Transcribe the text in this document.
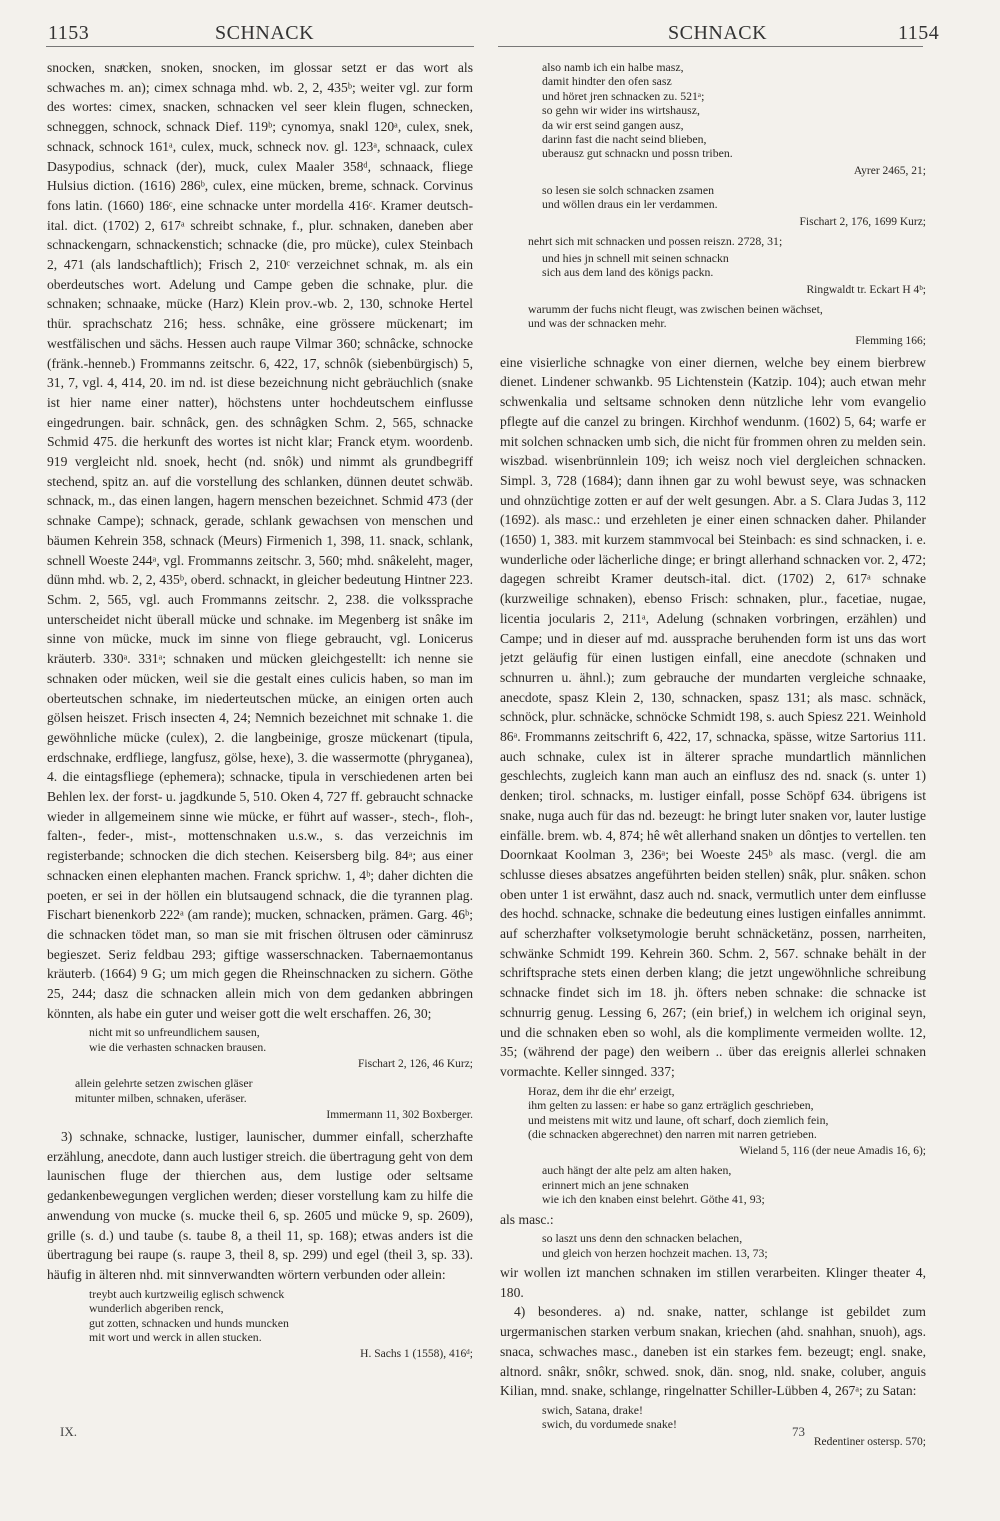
1153	SCHNACK	SCHNACK	1154

snocken, snaͤcken, snoken, snocken, im glossar setzt er das wort als schwaches m. an); cimex schnaga mhd. wb. 2, 2, 435ᵇ; weiter vgl. zur form des wortes: cimex, snacken, schnacken vel seer klein flugen, schnecken, schneggen, schnock, schnack Dief. 119ᵇ; cynomya, snakl 120ᵃ, culex, snek, schnack, schnock 161ᵃ, culex, muck, schneck nov. gl. 123ᵃ, schnaack, culex Dasypodius, schnack (der), muck, culex Maaler 358ᵈ, schnaack, fliege Hulsius diction. (1616) 286ᵇ, culex, eine mücken, breme, schnack. Corvinus fons latin. (1660) 186ᶜ, eine schnacke unter mordella 416ᶜ. Kramer deutsch-ital. dict. (1702) 2, 617ᵃ schreibt schnake, f., plur. schnaken, daneben aber schnackengarn, schnackenstich; schnacke (die, pro mücke), culex Steinbach 2, 471 (als landschaftlich); Frisch 2, 210ᶜ verzeichnet schnak, m. als ein oberdeutsches wort. Adelung und Campe geben die schnake, plur. die schnaken; schnaake, mücke (Harz) Klein prov.-wb. 2, 130, schnoke Hertel thür. sprachschatz 216; hess. schnâke, eine grössere mückenart; im westfälischen und sächs. Hessen auch raupe Vilmar 360; schnâcke, schnocke (fränk.-henneb.) Frommanns zeitschr. 6, 422, 17, schnôk (siebenbürgisch) 5, 31, 7, vgl. 4, 414, 20. im nd. ist diese bezeichnung nicht gebräuchlich (snake ist hier name einer natter), höchstens unter hochdeutschem einflusse eingedrungen. bair. schnâck, gen. des schnâgken Schm. 2, 565, schnacke Schmid 475. die herkunft des wortes ist nicht klar; Franck etym. woordenb. 919 vergleicht nld. snoek, hecht (nd. snôk) und nimmt als grundbegriff stechend, spitz an. auf die vorstellung des schlanken, dünnen deutet schwäb. schnack, m., das einen langen, hagern menschen bezeichnet. Schmid 473 (der schnake Campe); schnack, gerade, schlank gewachsen von menschen und bäumen Kehrein 358, schnack (Meurs) Firmenich 1, 398, 11. snack, schlank, schnell Woeste 244ᵃ, vgl. Frommanns zeitschr. 3, 560; mhd. snâkeleht, mager, dünn mhd. wb. 2, 2, 435ᵇ, oberd. schnackt, in gleicher bedeutung Hintner 223. Schm. 2, 565, vgl. auch Frommanns zeitschr. 2, 238. die volkssprache unterscheidet nicht überall mücke und schnake. im Megenberg ist snâke im sinne von mücke, muck im sinne von fliege gebraucht, vgl. Lonicerus kräuterb. 330ᵃ. 331ᵃ; schnaken und mücken gleichgestellt: ich nenne sie schnaken oder mücken, weil sie die gestalt eines culicis haben, so man im oberteutschen schnake, im niederteutschen mücke, an einigen orten auch gölsen heiszet. Frisch insecten 4, 24; Nemnich bezeichnet mit schnake 1. die gewöhnliche mücke (culex), 2. die langbeinige, grosze mückenart (tipula, erdschnake, erdfliege, langfusz, gölse, hexe), 3. die wassermotte (phryganea), 4. die eintagsfliege (ephemera); schnacke, tipula in verschiedenen arten bei Behlen lex. der forst- u. jagdkunde 5, 510. Oken 4, 727 ff. gebraucht schnacke wieder in allgemeinem sinne wie mücke, er führt auf wasser-, stech-, floh-, falten-, feder-, mist-, mottenschnaken u.s.w., s. das verzeichnis im registerbande; schnocken die dich stechen. Keisersberg bilg. 84ᵃ; aus einer schnacken einen elephanten machen. Franck sprichw. 1, 4ᵇ; daher dichten die poeten, er sei in der höllen ein blutsaugend schnack, die die tyrannen plag. Fischart bienenkorb 222ᵃ (am rande); mucken, schnacken, prämen. Garg. 46ᵇ; die schnacken tödet man, so man sie mit frischen öltrusen oder cäminrusz begieszet. Seriz feldbau 293; giftige wasserschnacken. Tabernaemontanus kräuterb. (1664) 9 G; um mich gegen die Rheinschnacken zu sichern. Göthe 25, 244; dasz die schnacken allein mich von dem gedanken abbringen könnten, als habe ein guter und weiser gott die welt erschaffen. 26, 30;

nicht mit so unfreundlichem sausen,
wie die verhasten schnacken brausen.
Fischart 2, 126, 46 Kurz;
allein gelehrte setzen zwischen gläser
mitunter milben, schnaken, uferäser.
Immermann 11, 302 Boxberger.

3) schnake, schnacke, lustiger, launischer, dummer einfall, scherzhafte erzählung, anecdote, dann auch lustiger streich. die übertragung geht von dem launischen fluge der thierchen aus, dem lustige oder seltsame gedankenbewegungen verglichen werden; dieser vorstellung kam zu hilfe die anwendung von mucke (s. mucke theil 6, sp. 2605 und mücke 9, sp. 2609), grille (s. d.) und taube (s. taube 8, a theil 11, sp. 168); etwas anders ist die übertragung bei raupe (s. raupe 3, theil 8, sp. 299) und egel (theil 3, sp. 33). häufig in älteren nhd. mit sinnverwandten wörtern verbunden oder allein:

treybt auch kurtzweilig eglisch schwenck
wunderlich abgeriben renck,
gut zotten, schnacken und hunds muncken
mit wort und werck in allen stucken.
H. Sachs 1 (1558), 416ᵈ;
also namb ich ein halbe masz,
damit hindter den ofen sasz
und höret jren schnacken zu. 521ᵃ;
so gehn wir wider ins wirtshausz,
da wir erst seind gangen ausz,
darinn fast die nacht seind blieben,
uberausz gut schnackn und possn triben.
Ayrer 2465, 21;
so lesen sie solch schnacken zsamen
und wöllen draus ein ler verdammen.
Fischart 2, 176, 1699 Kurz;
nehrt sich mit schnacken und possen reiszn. 2728, 31;
und hies jn schnell mit seinen schnackn
sich aus dem land des königs packn.
Ringwaldt tr. Eckart H 4ᵇ;
warumm der fuchs nicht fleugt, was zwischen beinen wächset,
und was der schnacken mehr.
Flemming 166;

eine visierliche schnagke von einer diernen, welche bey einem bierbrew dienet. Lindener schwankb. 95 Lichtenstein (Katzip. 104); auch etwan mehr schwenkalia und seltsame schnoken denn nützliche lehr vom evangelio pflegte auf die canzel zu bringen. Kirchhof wendunm. (1602) 5, 64; warfe er mit solchen schnacken umb sich, die nicht für frommen ohren zu melden sein. wiszbad. wisenbrünnlein 109; ich weisz noch viel dergleichen schnacken. Simpl. 3, 728 (1684); dann ihnen gar zu wohl bewust seye, was schnacken und ohnzüchtige zotten er auf der welt gesungen. Abr. a S. Clara Judas 3, 112 (1692). als masc.: und erzehleten je einer einen schnacken daher. Philander (1650) 1, 383. mit kurzem stammvocal bei Steinbach: es sind schnacken, i. e. wunderliche oder lächerliche dinge; er bringt allerhand schnacken vor. 2, 472; dagegen schreibt Kramer deutsch-ital. dict. (1702) 2, 617ᵃ schnake (kurzweilige schnaken), ebenso Frisch: schnaken, plur., facetiae, nugae, licentia jocularis 2, 211ᵃ, Adelung (schnaken vorbringen, erzählen) und Campe; und in dieser auf md. aussprache beruhenden form ist uns das wort jetzt geläufig für einen lustigen einfall, eine anecdote (schnaken und schnurren u. ähnl.); zum gebrauche der mundarten vergleiche schnaake, anecdote, spasz Klein 2, 130, schnacken, spasz 131; als masc. schnäck, schnöck, plur. schnäcke, schnöcke Schmidt 198, s. auch Spiesz 221. Weinhold 86ᵃ. Frommanns zeitschrift 6, 422, 17, schnacka, spässe, witze Sartorius 111. auch schnake, culex ist in älterer sprache mundartlich männlichen geschlechts, zugleich kann man auch an einflusz des nd. snack (s. unter 1) denken; tirol. schnacks, m. lustiger einfall, posse Schöpf 634. übrigens ist snake, nuga auch für das nd. bezeugt: he bringt luter snaken vor, lauter lustige einfälle. brem. wb. 4, 874; hê wêt allerhand snaken un dôntjes to vertellen. ten Doornkaat Koolman 3, 236ᵃ; bei Woeste 245ᵇ als masc. (vergl. die am schlusse dieses absatzes angeführten beiden stellen) snâk, plur. snâken. schon oben unter 1 ist erwähnt, dasz auch nd. snack, vermutlich unter dem einflusse des hochd. schnacke, schnake die bedeutung eines lustigen einfalles annimmt. auf scherzhafter volksetymologie beruht schnäcketänz, possen, narrheiten, schwänke Schmidt 199. Kehrein 360. Schm. 2, 567. schnake behält in der schriftsprache stets einen derben klang; die jetzt ungewöhnliche schreibung schnacke findet sich im 18. jh. öfters neben schnake: die schnacke ist schnurrig genug. Lessing 6, 267; (ein brief,) in welchem ich original seyn, und die schnaken eben so wohl, als die komplimente vermeiden wollte. 12, 35; (während der page) den weibern .. über das ereignis allerlei schnaken vormachte. Keller sinnged. 337;

Horaz, dem ihr die ehr' erzeigt,
ihm gelten zu lassen: er habe so ganz erträglich geschrieben,
und meistens mit witz und laune, oft scharf, doch ziemlich fein,
(die schnacken abgerechnet) den narren mit narren getrieben.
Wieland 5, 116 (der neue Amadis 16, 6);
auch hängt der alte pelz am alten haken,
erinnert mich an jene schnaken
wie ich den knaben einst belehrt. Göthe 41, 93;

als masc.:

so laszt uns denn den schnacken belachen,
und gleich von herzen hochzeit machen. 13, 73;

wir wollen izt manchen schnaken im stillen verarbeiten. Klinger theater 4, 180.

4) besonderes. a) nd. snake, natter, schlange ist gebildet zum urgermanischen starken verbum snakan, kriechen (ahd. snahhan, snuoh), ags. snaca, schwaches masc., daneben ist ein starkes fem. bezeugt; engl. snake, altnord. snâkr, snôkr, schwed. snok, dän. snog, nld. snake, coluber, anguis Kilian, mnd. snake, schlange, ringelnatter Schiller-Lübben 4, 267ᵃ; zu Satan:

swich, Satana, drake!
swich, du vordumede snake!
Redentiner ostersp. 570;
IX.	73
